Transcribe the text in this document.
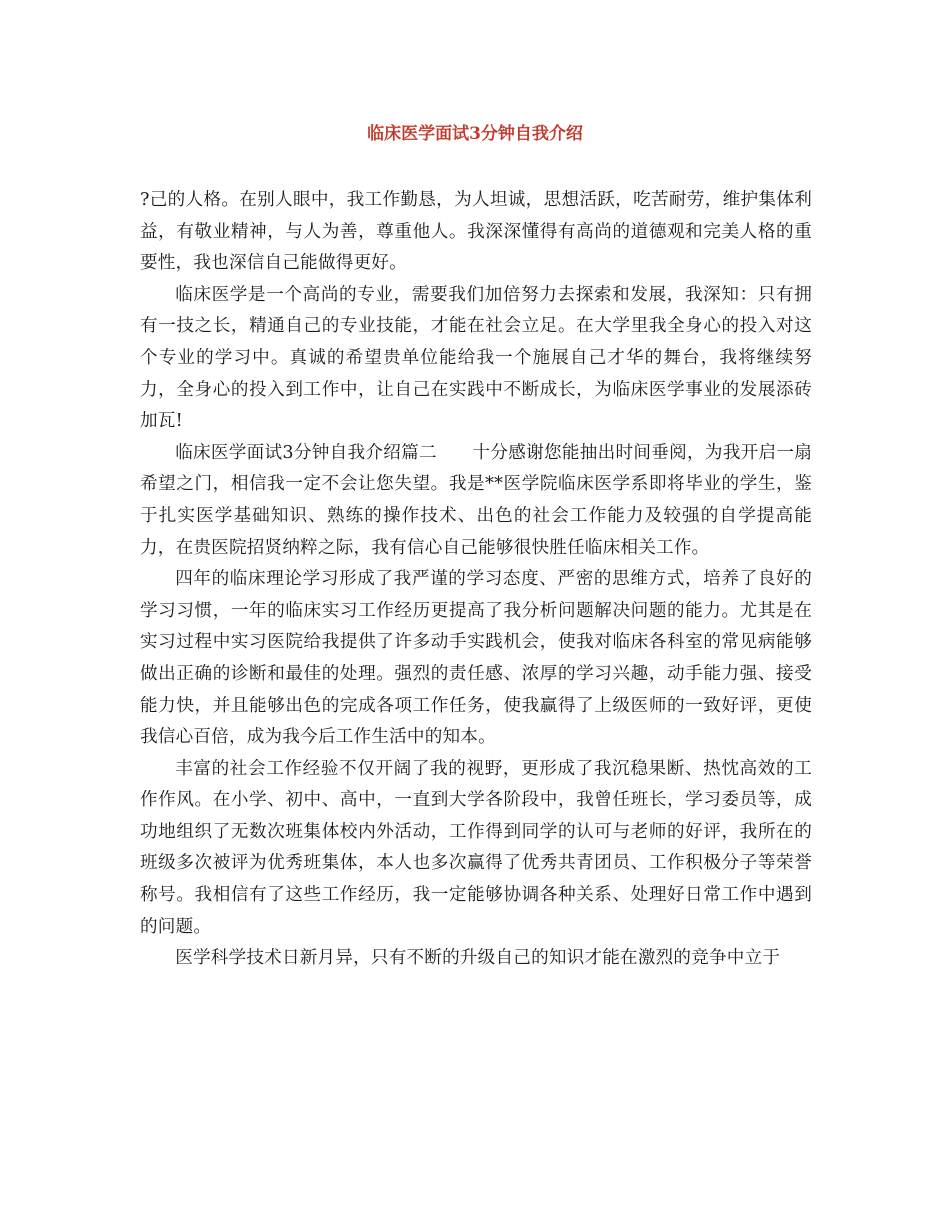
临床医学面试3分钟自我介绍

?己的人格。在别人眼中，我工作勤恳，为人坦诚，思想活跃，吃苦耐劳，维护集体利益，有敬业精神，与人为善，尊重他人。我深深懂得有高尚的道德观和完美人格的重要性，我也深信自己能做得更好。

临床医学是一个高尚的专业，需要我们加倍努力去探索和发展，我深知：只有拥有一技之长，精通自己的专业技能，才能在社会立足。在大学里我全身心的投入对这个专业的学习中。真诚的希望贵单位能给我一个施展自己才华的舞台，我将继续努力，全身心的投入到工作中，让自己在实践中不断成长，为临床医学事业的发展添砖加瓦!

临床医学面试3分钟自我介绍篇二　　十分感谢您能抽出时间垂阅，为我开启一扇希望之门，相信我一定不会让您失望。我是**医学院临床医学系即将毕业的学生，鉴于扎实医学基础知识、熟练的操作技术、出色的社会工作能力及较强的自学提高能力，在贵医院招贤纳粹之际，我有信心自己能够很快胜任临床相关工作。

四年的临床理论学习形成了我严谨的学习态度、严密的思维方式，培养了良好的学习习惯，一年的临床实习工作经历更提高了我分析问题解决问题的能力。尤其是在实习过程中实习医院给我提供了许多动手实践机会，使我对临床各科室的常见病能够做出正确的诊断和最佳的处理。强烈的责任感、浓厚的学习兴趣，动手能力强、接受能力快，并且能够出色的完成各项工作任务，使我赢得了上级医师的一致好评，更使我信心百倍，成为我今后工作生活中的知本。

丰富的社会工作经验不仅开阔了我的视野，更形成了我沉稳果断、热忱高效的工作作风。在小学、初中、高中，一直到大学各阶段中，我曾任班长，学习委员等，成功地组织了无数次班集体校内外活动，工作得到同学的认可与老师的好评，我所在的班级多次被评为优秀班集体，本人也多次赢得了优秀共青团员、工作积极分子等荣誉称号。我相信有了这些工作经历，我一定能够协调各种关系、处理好日常工作中遇到的问题。

医学科学技术日新月异，只有不断的升级自己的知识才能在激烈的竞争中立于
